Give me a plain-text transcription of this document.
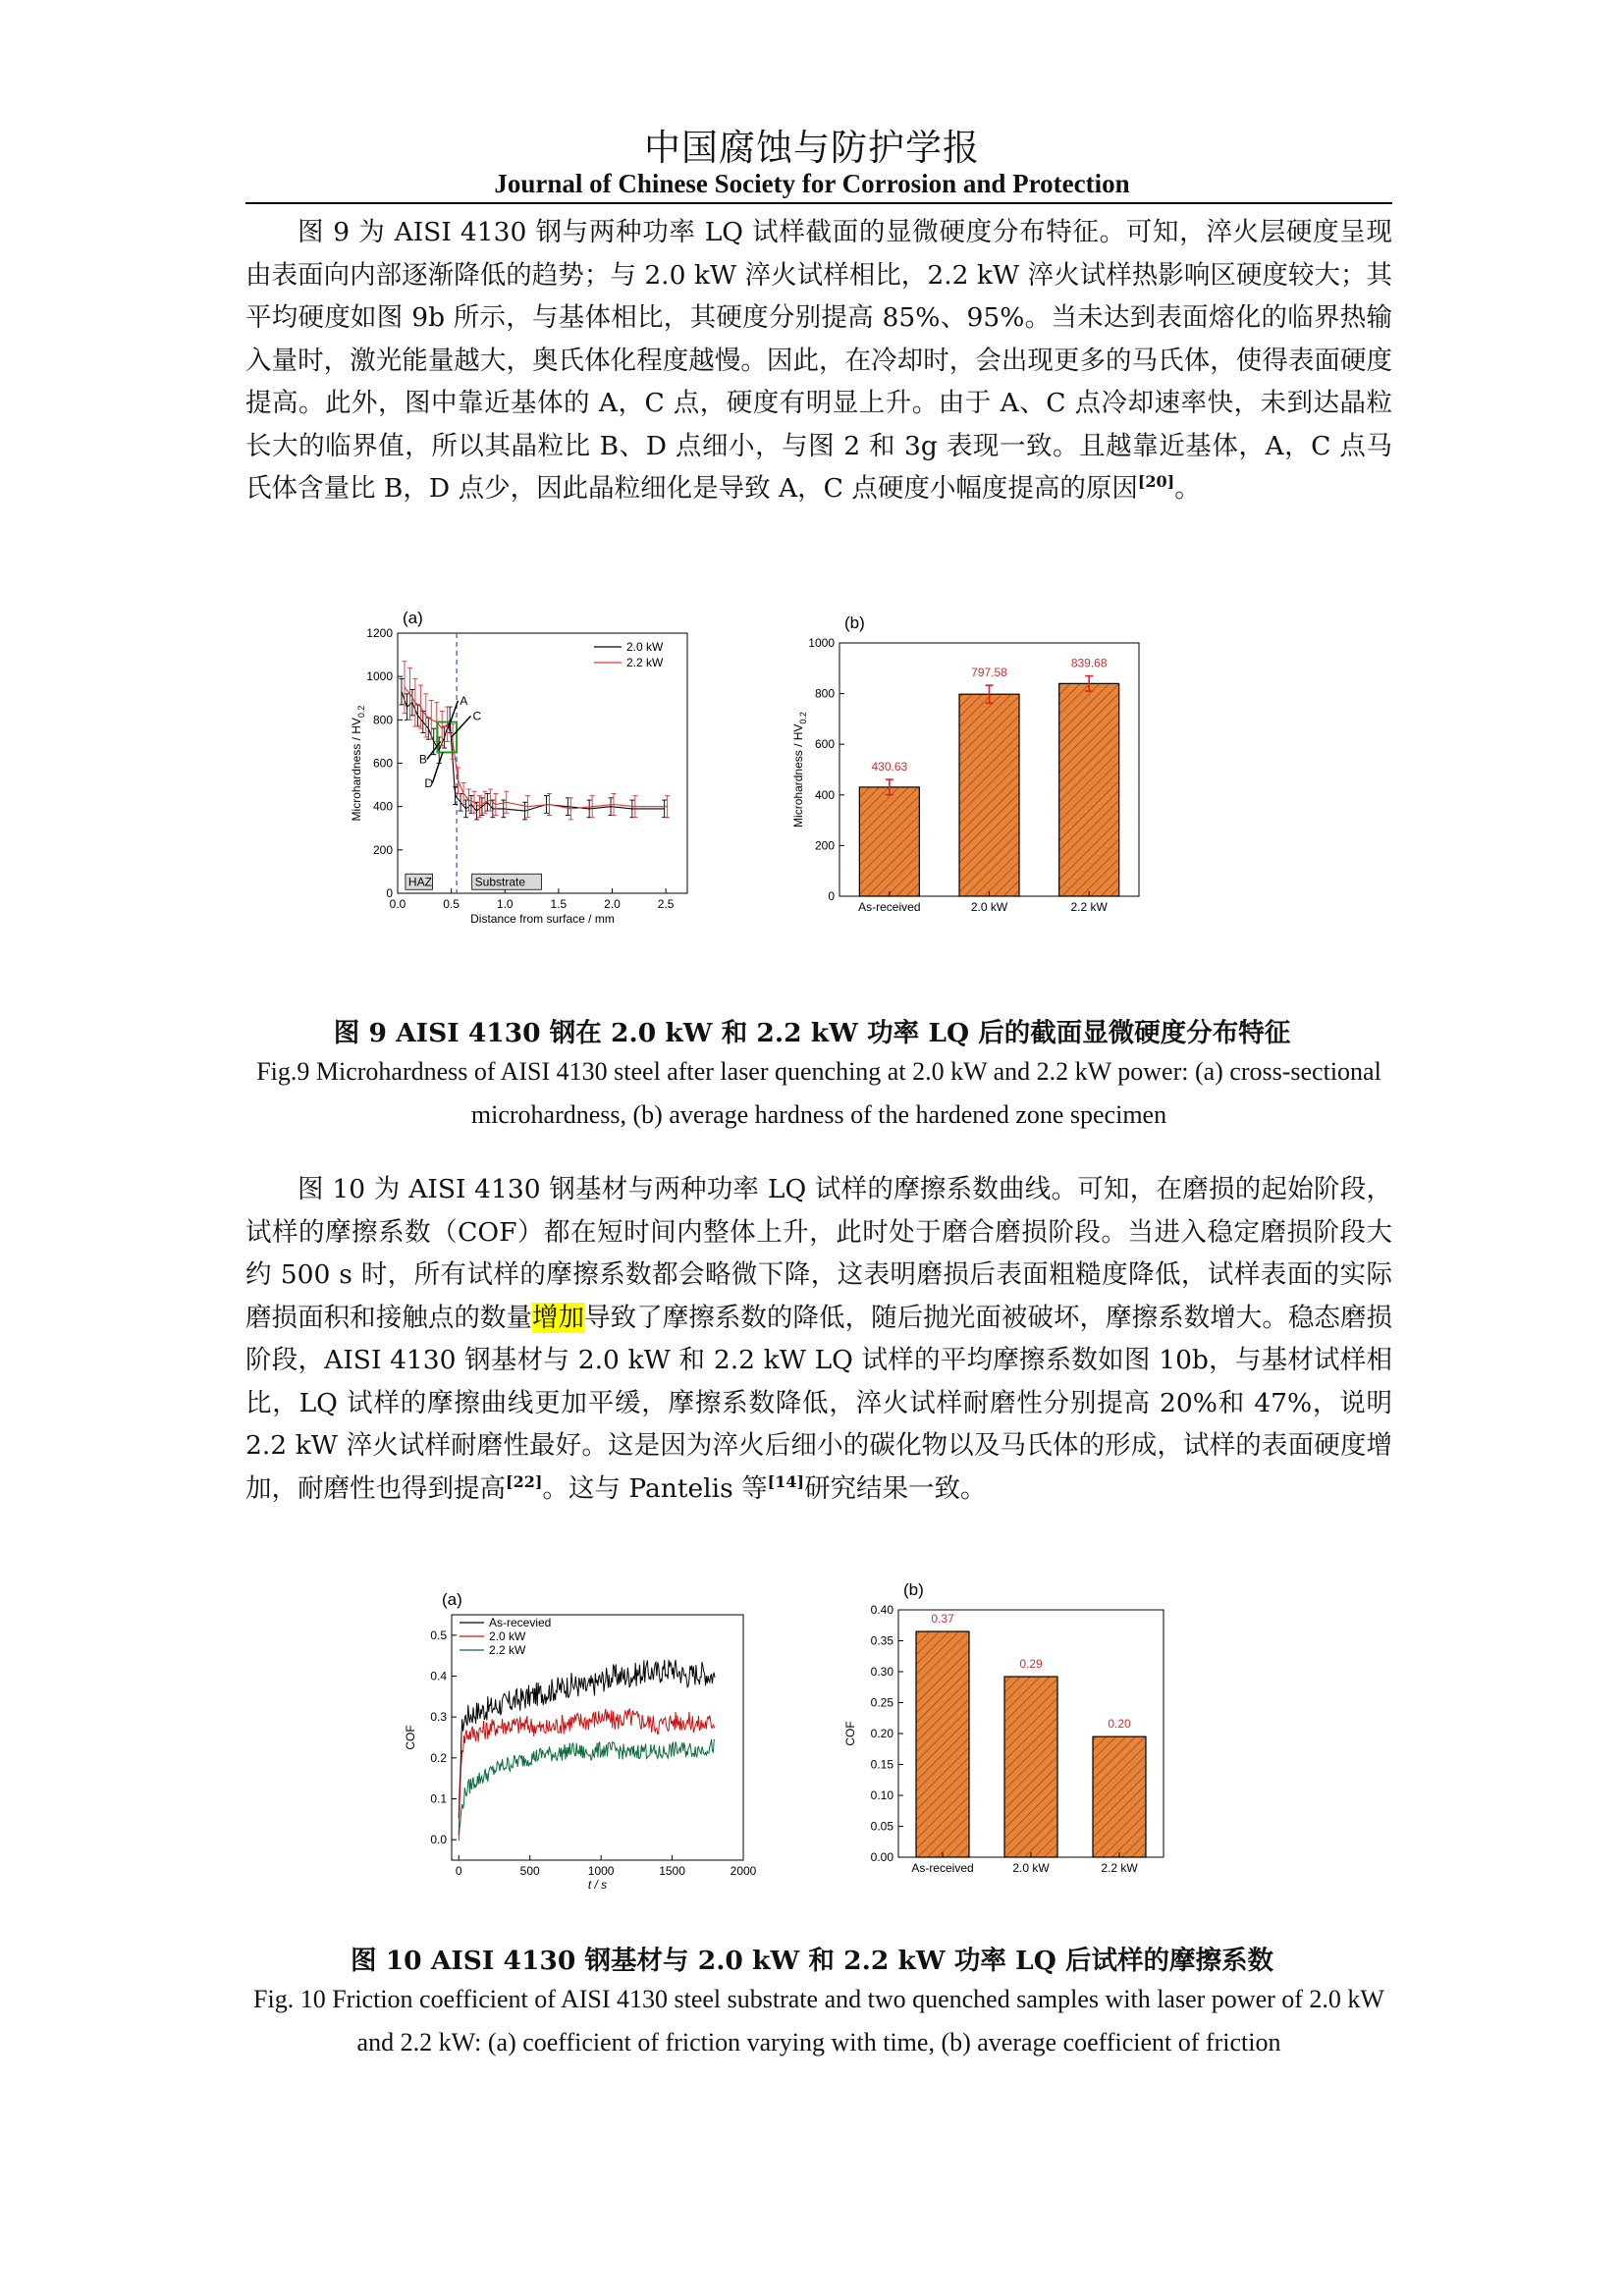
中国腐蚀与防护学报
Journal of Chinese Society for Corrosion and Protection

图 9 为 AISI 4130 钢与两种功率 LQ 试样截面的显微硬度分布特征。可知，淬火层硬度呈现由表面向内部逐渐降低的趋势；与 2.0 kW 淬火试样相比，2.2 kW 淬火试样热影响区硬度较大；其平均硬度如图 9b 所示，与基体相比，其硬度分别提高 85%、95%。当未达到表面熔化的临界热输入量时，激光能量越大，奥氏体化程度越慢。因此，在冷却时，会出现更多的马氏体，使得表面硬度提高。此外，图中靠近基体的 A，C 点，硬度有明显上升。由于 A、C 点冷却速率快，未到达晶粒长大的临界值，所以其晶粒比 B、D 点细小，与图 2 和 3g 表现一致。且越靠近基体，A，C 点马氏体含量比 B，D 点少，因此晶粒细化是导致 A，C 点硬度小幅度提高的原因[20]。

(a)
0
200
400
600
800
1000
1200
0.0	0.5	1.0	1.5	2.0	2.5
Distance from surface / mm
Microhardness / $HV_{0.2}$
HAZ	Substrate
2.0 kW
2.2 kW
A
B
C
D
(b)
0
200
400
600
800
1000
Microhardness / $HV_{0.2}$
430.63
As-received
797.58
2.0 kW
839.68
2.2 kW
图 9 AISI 4130 钢在 2.0 kW 和 2.2 kW 功率 LQ 后的截面显微硬度分布特征
Fig.9 Microhardness of AISI 4130 steel after laser quenching at 2.0 kW and 2.2 kW power: (a) cross-sectional microhardness, (b) average hardness of the hardened zone specimen

图 10 为 AISI 4130 钢基材与两种功率 LQ 试样的摩擦系数曲线。可知，在磨损的起始阶段，试样的摩擦系数（COF）都在短时间内整体上升，此时处于磨合磨损阶段。当进入稳定磨损阶段大约 500 s 时，所有试样的摩擦系数都会略微下降，这表明磨损后表面粗糙度降低，试样表面的实际磨损面积和接触点的数量增加导致了摩擦系数的降低，随后抛光面被破坏，摩擦系数增大。稳态磨损阶段，AISI 4130 钢基材与 2.0 kW 和 2.2 kW LQ 试样的平均摩擦系数如图 10b，与基材试样相比，LQ 试样的摩擦曲线更加平缓，摩擦系数降低，淬火试样耐磨性分别提高 20%和 47%，说明 2.2 kW 淬火试样耐磨性最好。这是因为淬火后细小的碳化物以及马氏体的形成，试样的表面硬度增加，耐磨性也得到提高[22]。这与 Pantelis 等[14]研究结果一致。

(a)
0.0
0.1
0.2
0.3
0.4
0.5
0	500	1000	1500	2000
t / s
COF
As-recevied
2.0 kW
2.2 kW
(b)
0.00
0.05
0.10
0.15
0.20
0.25
0.30
0.35
0.40
COF
0.37
As-received
0.29
2.0 kW
0.20
2.2 kW
图 10 AISI 4130 钢基材与 2.0 kW 和 2.2 kW 功率 LQ 后试样的摩擦系数
Fig. 10 Friction coefficient of AISI 4130 steel substrate and two quenched samples with laser power of 2.0 kW and 2.2 kW: (a) coefficient of friction varying with time, (b) average coefficient of friction
